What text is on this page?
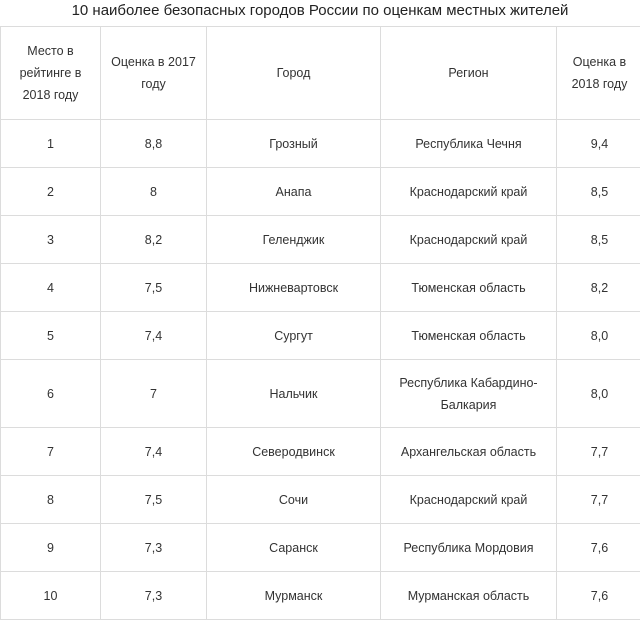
10 наиболее безопасных городов России по оценкам местных жителей
Место в рейтинге в 2018 году	Оценка в 2017 году	Город	Регион	Оценка в 2018 году
1	8,8	Грозный	Республика Чечня	9,4
2	8	Анапа	Краснодарский край	8,5
3	8,2	Геленджик	Краснодарский край	8,5
4	7,5	Нижневартовск	Тюменская область	8,2
5	7,4	Сургут	Тюменская область	8,0
6	7	Нальчик	Республика Кабардино-Балкария	8,0
7	7,4	Северодвинск	Архангельская область	7,7
8	7,5	Сочи	Краснодарский край	7,7
9	7,3	Саранск	Республика Мордовия	7,6
10	7,3	Мурманск	Мурманская область	7,6
